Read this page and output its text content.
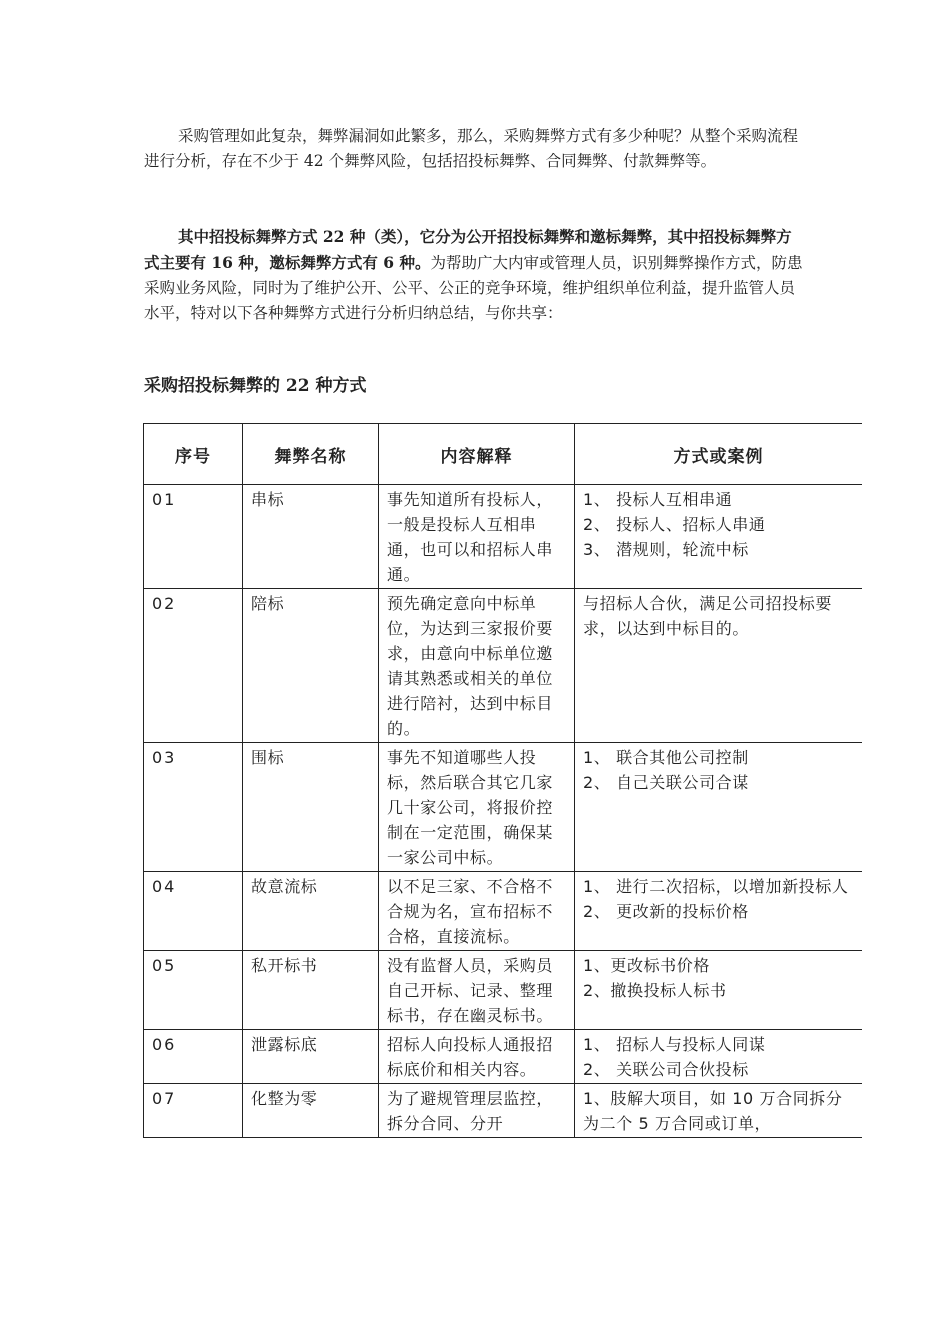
采购管理如此复杂，舞弊漏洞如此繁多，那么，采购舞弊方式有多少种呢？从整个采购流程进行分析，存在不少于 42 个舞弊风险，包括招投标舞弊、合同舞弊、付款舞弊等。

其中招投标舞弊方式 22 种（类），它分为公开招投标舞弊和邀标舞弊，其中招投标舞弊方式主要有 16 种，邀标舞弊方式有 6 种。为帮助广大内审或管理人员，识别舞弊操作方式，防患采购业务风险，同时为了维护公开、公平、公正的竞争环境，维护组织单位利益，提升监管人员水平，特对以下各种舞弊方式进行分析归纳总结，与你共享：

采购招投标舞弊的 22 种方式
序号	舞弊名称	内容解释	方式或案例
01	串标	事先知道所有投标人，一般是投标人互相串通，也可以和招标人串通。	1、 投标人互相串通
2、 投标人、招标人串通
3、 潜规则，轮流中标

02	陪标	预先确定意向中标单位，为达到三家报价要求，由意向中标单位邀请其熟悉或相关的单位进行陪衬，达到中标目的。	与招标人合伙，满足公司招投标要求，以达到中标目的。

03	围标	事先不知道哪些人投标，然后联合其它几家几十家公司，将报价控制在一定范围，确保某一家公司中标。	1、 联合其他公司控制
2、 自己关联公司合谋

04	故意流标	以不足三家、不合格不合规为名，宣布招标不合格，直接流标。	1、 进行二次招标，以增加新投标人
2、 更改新的投标价格

05	私开标书	没有监督人员，采购员自己开标、记录、整理标书，存在幽灵标书。	1、更改标书价格
2、撤换投标人标书

06	泄露标底	招标人向投标人通报招标底价和相关内容。	1、 招标人与投标人同谋
2、 关联公司合伙投标

07	化整为零	为了避规管理层监控，拆分合同、分开	1、肢解大项目，如 10 万合同拆分为二个 5 万合同或订单，
